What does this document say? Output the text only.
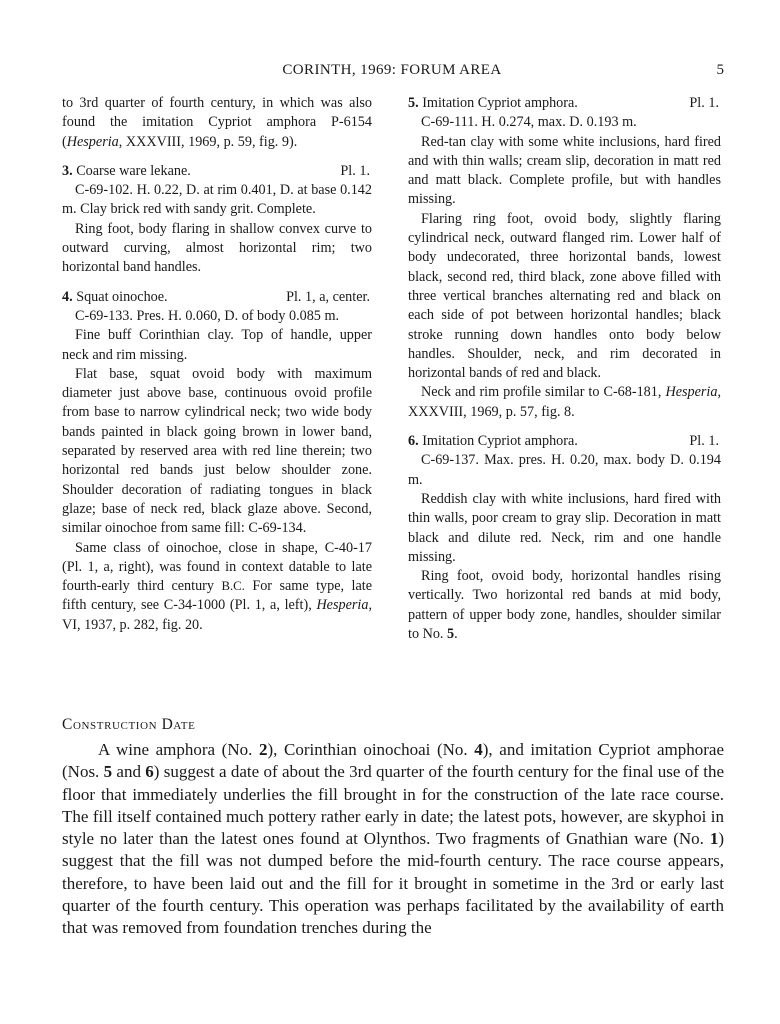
CORINTH, 1969: FORUM AREA	5

to 3rd quarter of fourth century, in which was also found the imitation Cypriot amphora P-6154 (Hesperia, XXXVIII, 1969, p. 59, fig. 9).

3. Coarse ware lekane.	Pl. 1.

C-69-102. H. 0.22, D. at rim 0.401, D. at base 0.142 m. Clay brick red with sandy grit. Complete.

Ring foot, body flaring in shallow convex curve to outward curving, almost horizontal rim; two horizontal band handles.

4. Squat oinochoe.	Pl. 1, a, center.

C-69-133. Pres. H. 0.060, D. of body 0.085 m.

Fine buff Corinthian clay. Top of handle, upper neck and rim missing.

Flat base, squat ovoid body with maximum diameter just above base, continuous ovoid profile from base to narrow cylindrical neck; two wide body bands painted in black going brown in lower band, separated by reserved area with red line therein; two horizontal red bands just below shoulder zone. Shoulder decoration of radiating tongues in black glaze; base of neck red, black glaze above. Second, similar oinochoe from same fill: C-69-134.

Same class of oinochoe, close in shape, C-40-17 (Pl. 1, a, right), was found in context datable to late fourth-early third century B.C. For same type, late fifth century, see C-34-1000 (Pl. 1, a, left), Hesperia, VI, 1937, p. 282, fig. 20.

5. Imitation Cypriot amphora.	Pl. 1.

C-69-111. H. 0.274, max. D. 0.193 m.

Red-tan clay with some white inclusions, hard fired and with thin walls; cream slip, decoration in matt red and matt black. Complete profile, but with handles missing.

Flaring ring foot, ovoid body, slightly flaring cylindrical neck, outward flanged rim. Lower half of body undecorated, three horizontal bands, lowest black, second red, third black, zone above filled with three vertical branches alternating red and black on each side of pot between horizontal handles; black stroke running down handles onto body below handles. Shoulder, neck, and rim decorated in horizontal bands of red and black.

Neck and rim profile similar to C-68-181, Hesperia, XXXVIII, 1969, p. 57, fig. 8.

6. Imitation Cypriot amphora.	Pl. 1.

C-69-137. Max. pres. H. 0.20, max. body D. 0.194 m.

Reddish clay with white inclusions, hard fired with thin walls, poor cream to gray slip. Decoration in matt black and dilute red. Neck, rim and one handle missing.

Ring foot, ovoid body, horizontal handles rising vertically. Two horizontal red bands at mid body, pattern of upper body zone, handles, shoulder similar to No. 5.

Construction Date

A wine amphora (No. 2), Corinthian oinochoai (No. 4), and imitation Cypriot amphorae (Nos. 5 and 6) suggest a date of about the 3rd quarter of the fourth century for the final use of the floor that immediately underlies the fill brought in for the construction of the late race course. The fill itself contained much pottery rather early in date; the latest pots, however, are skyphoi in style no later than the latest ones found at Olynthos. Two fragments of Gnathian ware (No. 1) suggest that the fill was not dumped before the mid-fourth century. The race course appears, therefore, to have been laid out and the fill for it brought in sometime in the 3rd or early last quarter of the fourth century. This operation was perhaps facilitated by the availability of earth that was removed from foundation trenches during the
